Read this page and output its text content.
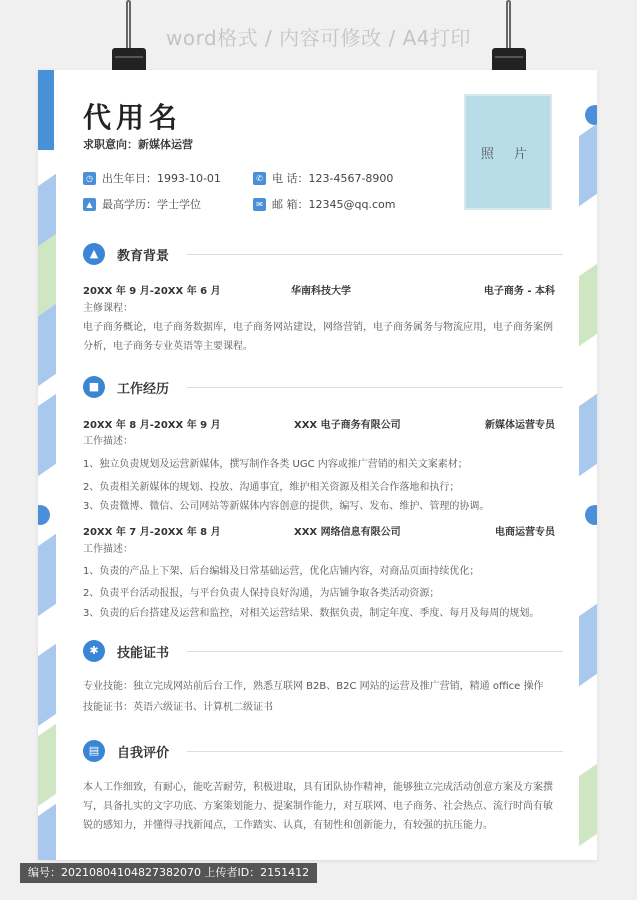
word格式 / 内容可修改 / A4打印
代用名
求职意向：新媒体运营
◷ 出生年日：1993-10-01	✆ 电 话：123-4567-8900
▲ 最高学历：学士学位	✉ 邮 箱：12345@qq.com
照 片
▲	教育背景
20XX 年 9 月-20XX 年 6 月	华南科技大学	电子商务 - 本科
主修课程：
电子商务概论，电子商务数据库，电子商务网站建设，网络营销，电子商务属务与物流应用，电子商务案例分析，电子商务专业英语等主要课程。
■	工作经历
20XX 年 8 月-20XX 年 9 月	XXX 电子商务有限公司	新媒体运营专员
工作描述：
1、独立负责规划及运营新媒体，撰写制作各类 UGC 内容或推广营销的相关文案素材；
2、负责相关新媒体的规划、投放、沟通事宜，维护相关资源及相关合作落地和执行；
3、负责微博、微信、公司网站等新媒体内容创意的提供，编写、发布、维护、管理的协调。
20XX 年 7 月-20XX 年 8 月	XXX 网络信息有限公司	电商运营专员
工作描述：
1、负责的产品上下架、后台编辑及日常基础运营，优化店铺内容，对商品页面持续优化；
2、负责平台活动报报，与平台负责人保持良好沟通，为店铺争取各类活动资源；
3、负责的后台搭建及运营和监控，对相关运营结果、数据负责，制定年度、季度、每月及每周的规划。
✱	技能证书
专业技能：独立完成网站前后台工作，熟悉互联网 B2B、B2C 网站的运营及推广营销，精通 office 操作
技能证书：英语六级证书、计算机二级证书
▤	自我评价
本人工作细致，有耐心，能吃苦耐劳，积极进取，具有团队协作精神，能够独立完成活动创意方案及方案撰写，具备扎实的文字功底、方案策划能力、提案制作能力，对互联网、电子商务、社会热点、流行时尚有敏锐的感知力，并懂得寻找新闻点，工作踏实、认真，有韧性和创新能力，有较强的抗压能力。
编号：20210804104827382070 上传者ID：2151412
